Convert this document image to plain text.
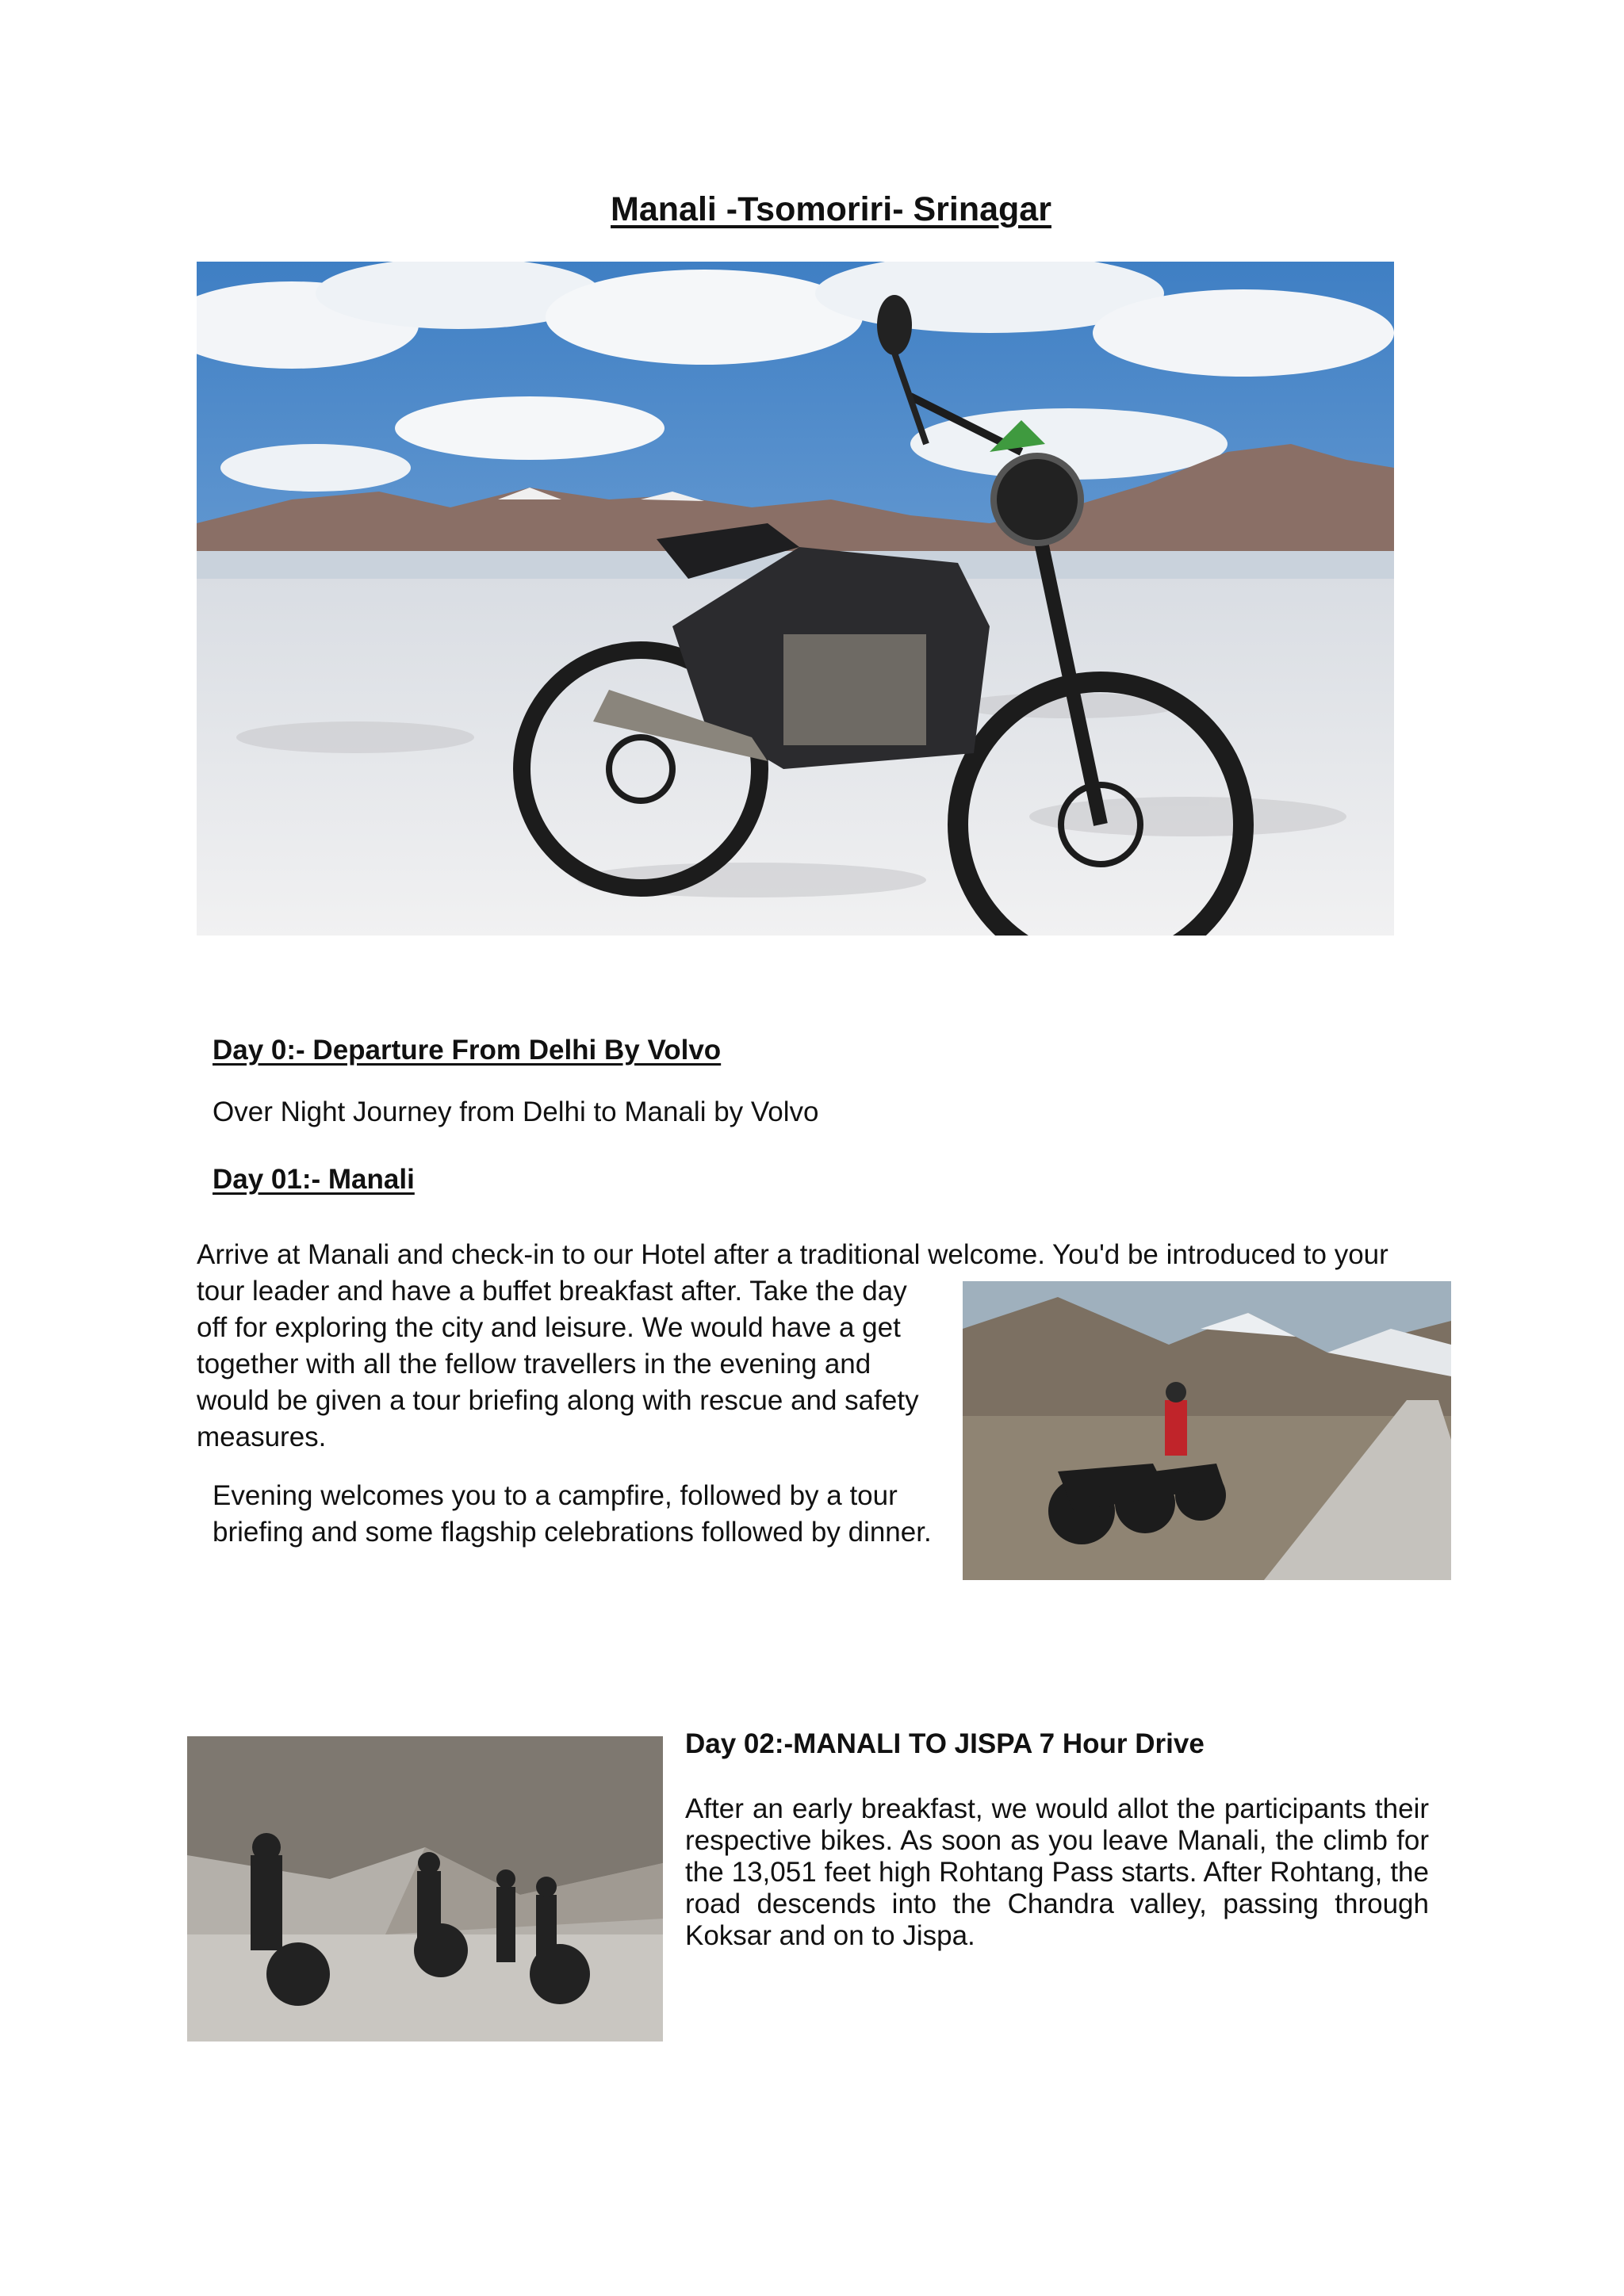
Manali -Tsomoriri- Srinagar
Day 0:- Departure From Delhi By Volvo
Over Night Journey from Delhi to Manali by Volvo
Day 01:- Manali
Arrive at Manali and check-in to our Hotel after a traditional welcome. You'd be introduced to your
tour leader and have a buffet breakfast after. Take the day off for exploring the city and leisure. We would have a get together with all the fellow travellers in the evening and would be given a tour briefing along with rescue and safety measures.
Evening welcomes you to a campfire, followed by a tour briefing and some flagship celebrations followed by dinner.
Day 02:-MANALI TO JISPA 7 Hour Drive
After an early breakfast, we would allot the participants their respective bikes. As soon as you leave Manali, the climb for the 13,051 feet high Rohtang Pass starts. After Rohtang, the road descends into the Chandra valley, passing through Koksar and on to Jispa.
